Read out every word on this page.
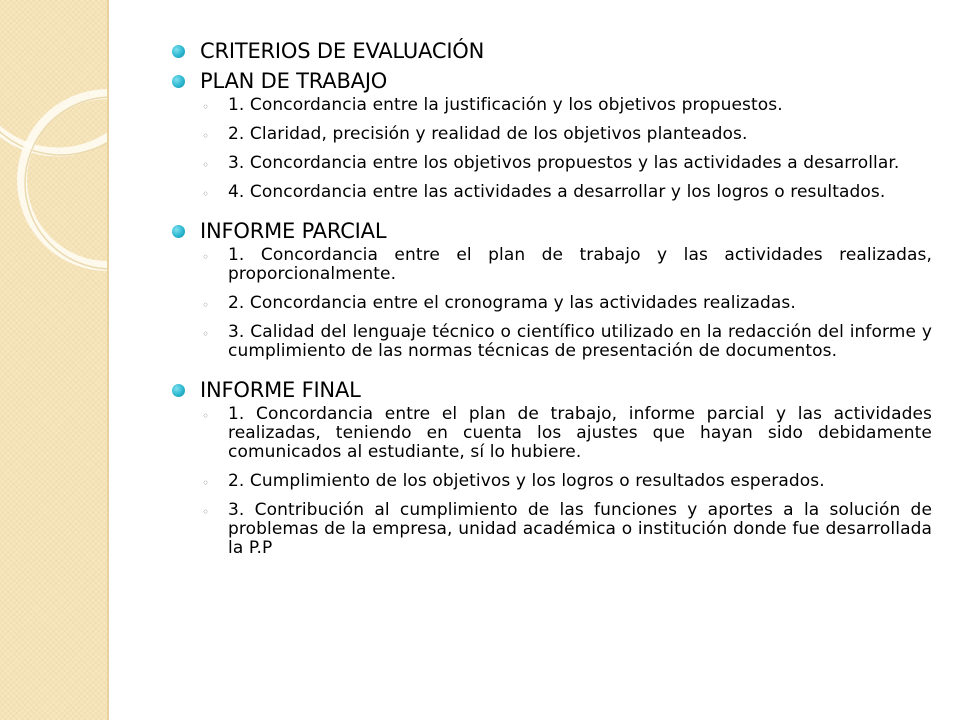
CRITERIOS DE EVALUACIÓN
PLAN DE TRABAJO
◦ 1. Concordancia entre la justificación y los objetivos propuestos.
◦ 2. Claridad, precisión y realidad de los objetivos planteados.
◦ 3. Concordancia entre los objetivos propuestos y las actividades a desarrollar.
◦ 4. Concordancia entre las actividades a desarrollar y los logros o resultados.
INFORME PARCIAL
◦ 1. Concordancia entre el plan de trabajo y las actividades realizadas, proporcionalmente.
◦ 2. Concordancia entre el cronograma y las actividades realizadas.
◦ 3. Calidad del lenguaje técnico o científico utilizado en la redacción del informe y cumplimiento de las normas técnicas de presentación de documentos.
INFORME FINAL
◦ 1. Concordancia entre el plan de trabajo, informe parcial y las actividades realizadas, teniendo en cuenta los ajustes que hayan sido debidamente comunicados al estudiante, sí lo hubiere.
◦ 2. Cumplimiento de los objetivos y los logros o resultados esperados.
◦ 3. Contribución al cumplimiento de las funciones y aportes a la solución de problemas de la empresa, unidad académica o institución donde fue desarrollada la P.P
